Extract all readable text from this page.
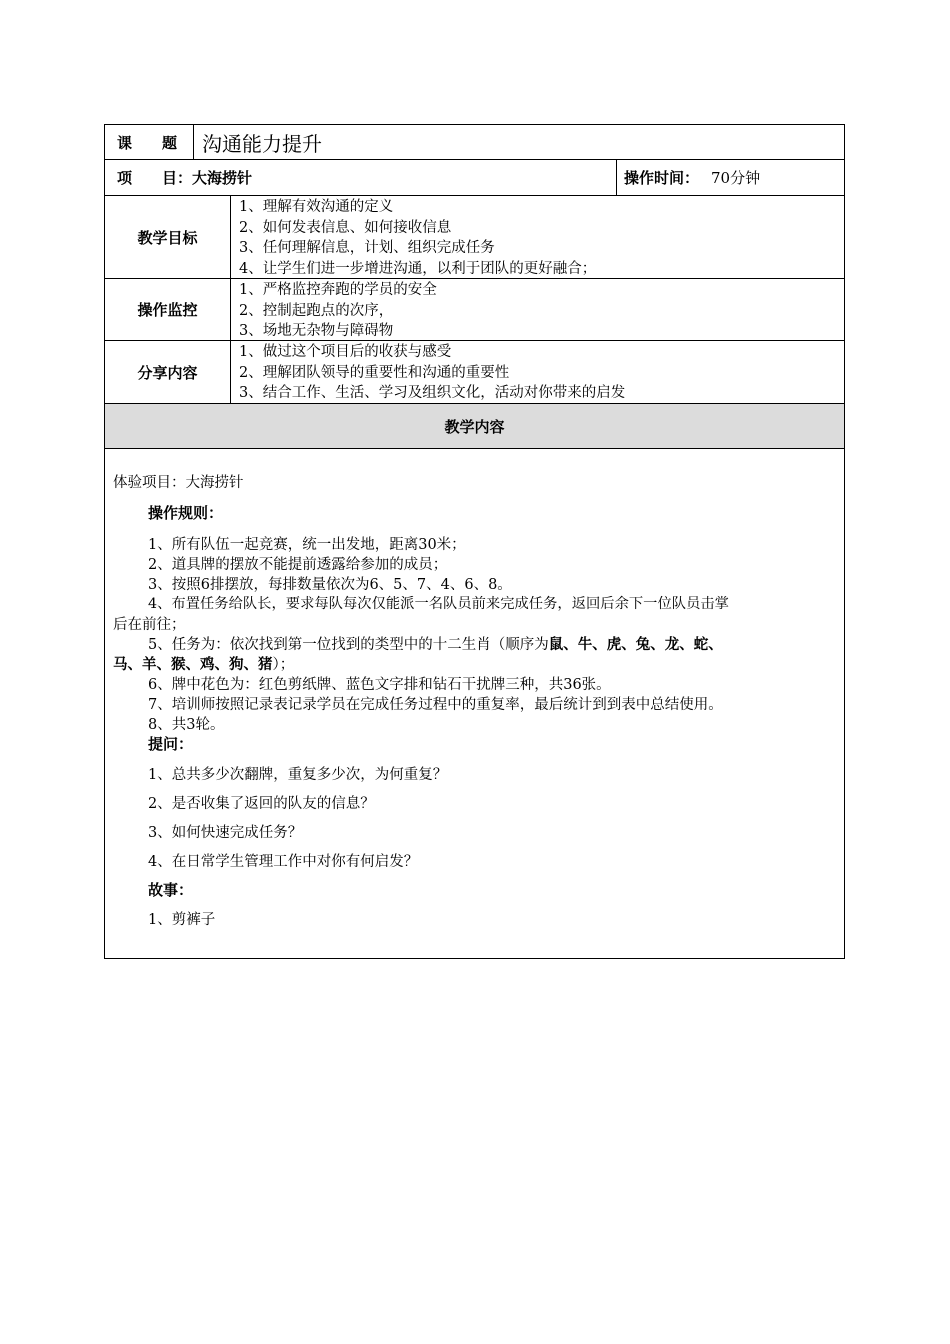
课　　题	沟通能力提升
项　　目： 大海捞针	操作时间： 70分钟
教学目标
1、理解有效沟通的定义
2、如何发表信息、如何接收信息
3、任何理解信息，计划、组织完成任务
4、让学生们进一步增进沟通，以利于团队的更好融合；
操作监控
1、严格监控奔跑的学员的安全
2、控制起跑点的次序，
3、场地无杂物与障碍物
分享内容
1、做过这个项目后的收获与感受
2、理解团队领导的重要性和沟通的重要性
3、结合工作、生活、学习及组织文化，活动对你带来的启发
教学内容
体验项目：大海捞针
操作规则：
1、所有队伍一起竞赛，统一出发地，距离30米；
2、道具牌的摆放不能提前透露给参加的成员；
3、按照6排摆放，每排数量依次为6、5、7、4、6、8。
4、布置任务给队长，要求每队每次仅能派一名队员前来完成任务，返回后余下一位队员击掌
后在前往；
5、任务为：依次找到第一位找到的类型中的十二生肖（顺序为鼠、牛、虎、兔、龙、蛇、
马、羊、猴、鸡、狗、猪）；
6、牌中花色为：红色剪纸牌、蓝色文字排和钻石干扰牌三种，共36张。
7、培训师按照记录表记录学员在完成任务过程中的重复率，最后统计到到表中总结使用。
8、共3轮。
提问：
1、总共多少次翻牌，重复多少次，为何重复？
2、是否收集了返回的队友的信息？
3、如何快速完成任务？
4、在日常学生管理工作中对你有何启发？
故事：
1、剪裤子
